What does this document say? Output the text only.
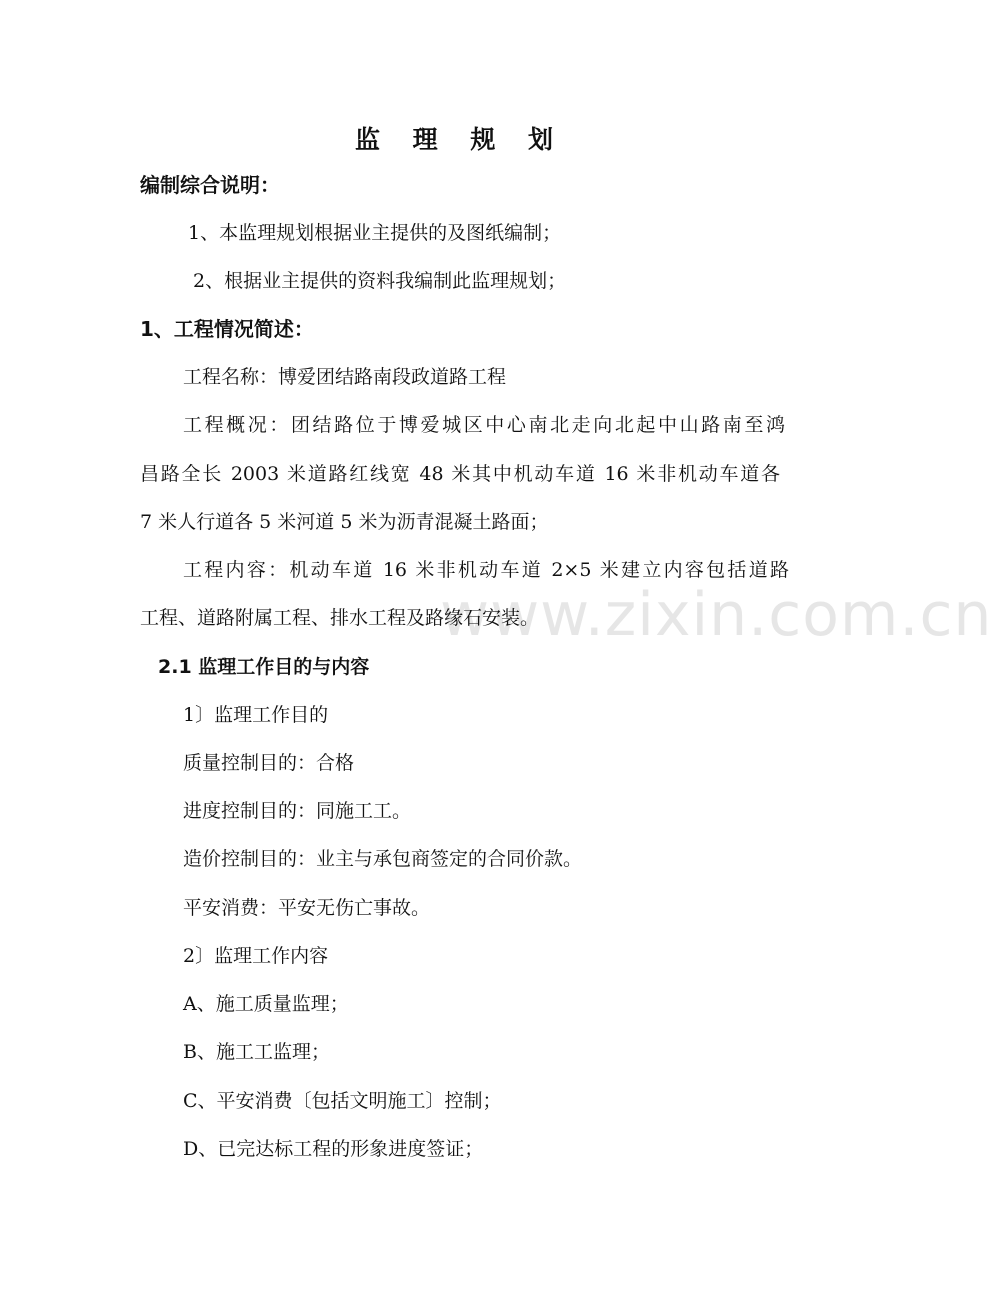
www.zixin.com.cn
监 理 规 划
编制综合说明：
1、本监理规划根据业主提供的及图纸编制；
2、根据业主提供的资料我编制此监理规划；
1、工程情况简述：
工程名称：博爱团结路南段政道路工程
工程概况：团结路位于博爱城区中心南北走向北起中山路南至鸿
昌路全长 2003 米道路红线宽 48 米其中机动车道 16 米非机动车道各
7 米人行道各 5 米河道 5 米为沥青混凝土路面；
工程内容：机动车道 16 米非机动车道 2×5 米建立内容包括道路
工程、道路附属工程、排水工程及路缘石安装。
2.1 监理工作目的与内容
1〕监理工作目的
质量控制目的：合格
进度控制目的：同施工工。
造价控制目的：业主与承包商签定的合同价款。
平安消费：平安无伤亡事故。
2〕监理工作内容
A、施工质量监理；
B、施工工监理；
C、平安消费〔包括文明施工〕控制；
D、已完达标工程的形象进度签证；
